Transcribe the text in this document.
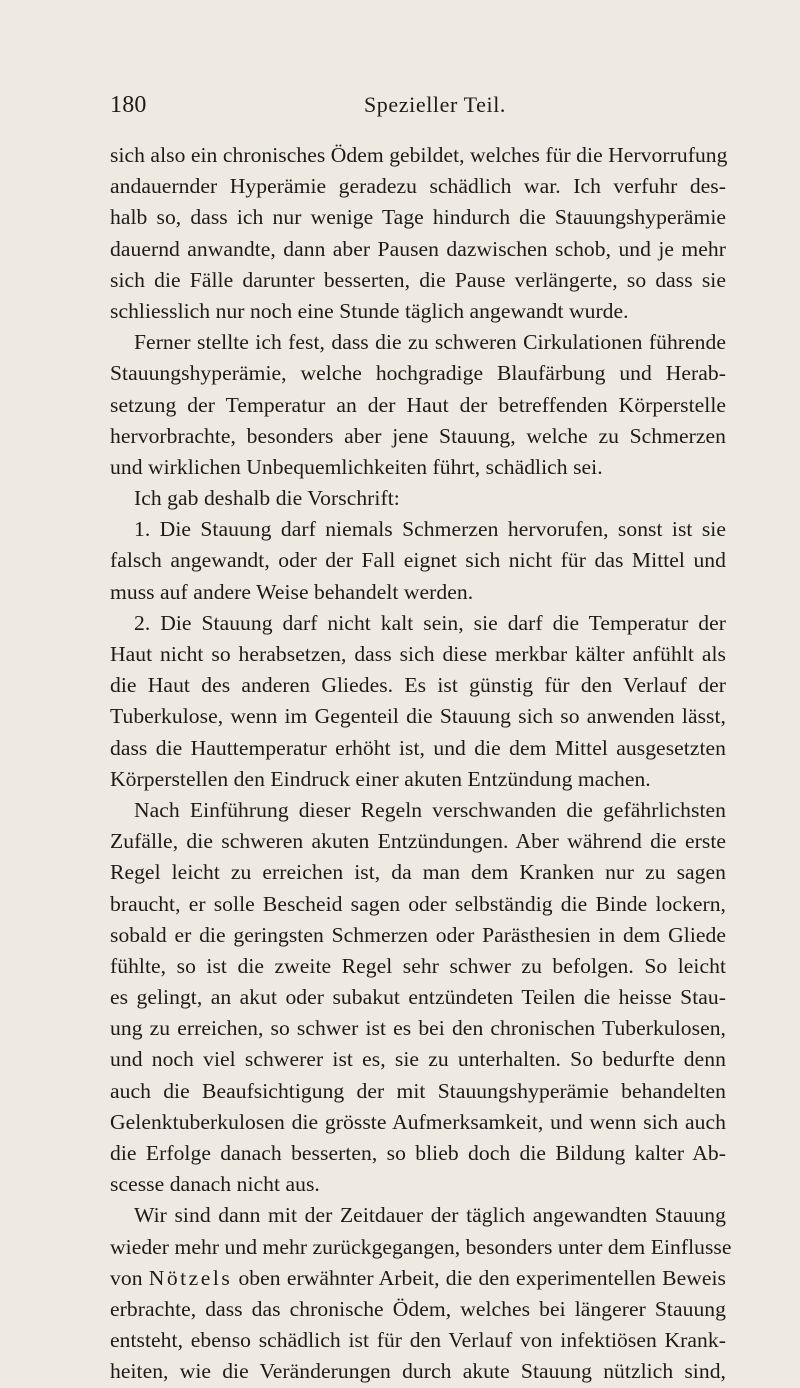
180	Spezieller Teil.
sich also ein chronisches Ödem gebildet, welches für die Hervorrufung
andauernder Hyperämie geradezu schädlich war. Ich verfuhr des-
halb so, dass ich nur wenige Tage hindurch die Stauungshyperämie
dauernd anwandte, dann aber Pausen dazwischen schob, und je mehr
sich die Fälle darunter besserten, die Pause verlängerte, so dass sie
schliesslich nur noch eine Stunde täglich angewandt wurde.
Ferner stellte ich fest, dass die zu schweren Cirkulationen führende
Stauungshyperämie, welche hochgradige Blaufärbung und Herab-
setzung der Temperatur an der Haut der betreffenden Körperstelle
hervorbrachte, besonders aber jene Stauung, welche zu Schmerzen
und wirklichen Unbequemlichkeiten führt, schädlich sei.
Ich gab deshalb die Vorschrift:
1. Die Stauung darf niemals Schmerzen hervorufen, sonst ist sie
falsch angewandt, oder der Fall eignet sich nicht für das Mittel und
muss auf andere Weise behandelt werden.
2. Die Stauung darf nicht kalt sein, sie darf die Temperatur der
Haut nicht so herabsetzen, dass sich diese merkbar kälter anfühlt als
die Haut des anderen Gliedes. Es ist günstig für den Verlauf der
Tuberkulose, wenn im Gegenteil die Stauung sich so anwenden lässt,
dass die Hauttemperatur erhöht ist, und die dem Mittel ausgesetzten
Körperstellen den Eindruck einer akuten Entzündung machen.
Nach Einführung dieser Regeln verschwanden die gefährlichsten
Zufälle, die schweren akuten Entzündungen. Aber während die erste
Regel leicht zu erreichen ist, da man dem Kranken nur zu sagen
braucht, er solle Bescheid sagen oder selbständig die Binde lockern,
sobald er die geringsten Schmerzen oder Parästhesien in dem Gliede
fühlte, so ist die zweite Regel sehr schwer zu befolgen. So leicht
es gelingt, an akut oder subakut entzündeten Teilen die heisse Stau-
ung zu erreichen, so schwer ist es bei den chronischen Tuberkulosen,
und noch viel schwerer ist es, sie zu unterhalten. So bedurfte denn
auch die Beaufsichtigung der mit Stauungshyperämie behandelten
Gelenktuberkulosen die grösste Aufmerksamkeit, und wenn sich auch
die Erfolge danach besserten, so blieb doch die Bildung kalter Ab-
scesse danach nicht aus.
Wir sind dann mit der Zeitdauer der täglich angewandten Stauung
wieder mehr und mehr zurückgegangen, besonders unter dem Einflusse
von Nötzels oben erwähnter Arbeit, die den experimentellen Beweis
erbrachte, dass das chronische Ödem, welches bei längerer Stauung
entsteht, ebenso schädlich ist für den Verlauf von infektiösen Krank-
heiten, wie die Veränderungen durch akute Stauung nützlich sind,
